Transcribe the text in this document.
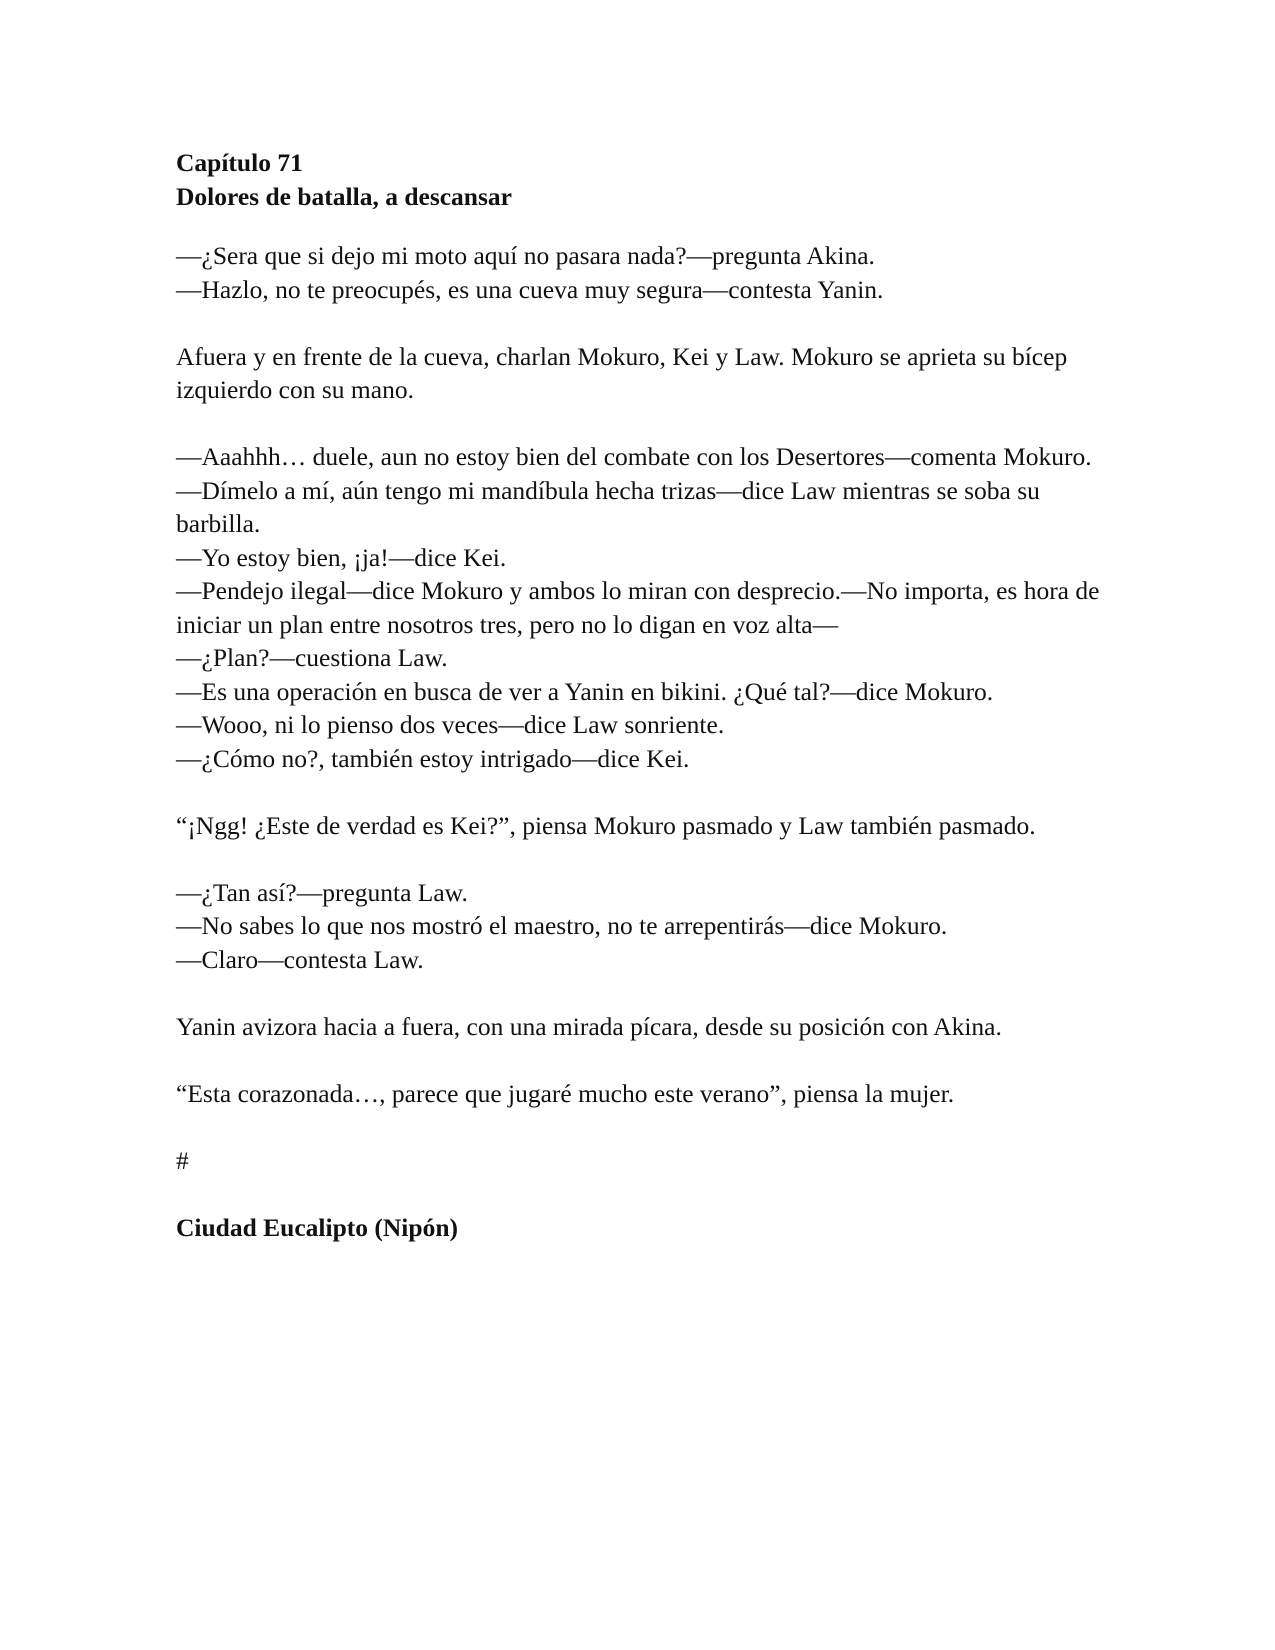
Capítulo 71

Dolores de batalla, a descansar

—¿Sera que si dejo mi moto aquí no pasara nada?—pregunta Akina.

—Hazlo, no te preocupés, es una cueva muy segura—contesta Yanin.

Afuera y en frente de la cueva, charlan Mokuro, Kei y Law. Mokuro se aprieta su bícep izquierdo con su mano.

—Aaahhh… duele, aun no estoy bien del combate con los Desertores—comenta Mokuro.

—Dímelo a mí, aún tengo mi mandíbula hecha trizas—dice Law mientras se soba su barbilla.

—Yo estoy bien, ¡ja!—dice Kei.

—Pendejo ilegal—dice Mokuro y ambos lo miran con desprecio.—No importa, es hora de iniciar un plan entre nosotros tres, pero no lo digan en voz alta—

—¿Plan?—cuestiona Law.

—Es una operación en busca de ver a Yanin en bikini. ¿Qué tal?—dice Mokuro.

—Wooo, ni lo pienso dos veces—dice Law sonriente.

—¿Cómo no?, también estoy intrigado—dice Kei.

“¡Ngg! ¿Este de verdad es Kei?”, piensa Mokuro pasmado y Law también pasmado.

—¿Tan así?—pregunta Law.

—No sabes lo que nos mostró el maestro, no te arrepentirás—dice Mokuro.

—Claro—contesta Law.

Yanin avizora hacia a fuera, con una mirada pícara, desde su posición con Akina.

“Esta corazonada…, parece que jugaré mucho este verano”, piensa la mujer.

#

Ciudad Eucalipto (Nipón)
